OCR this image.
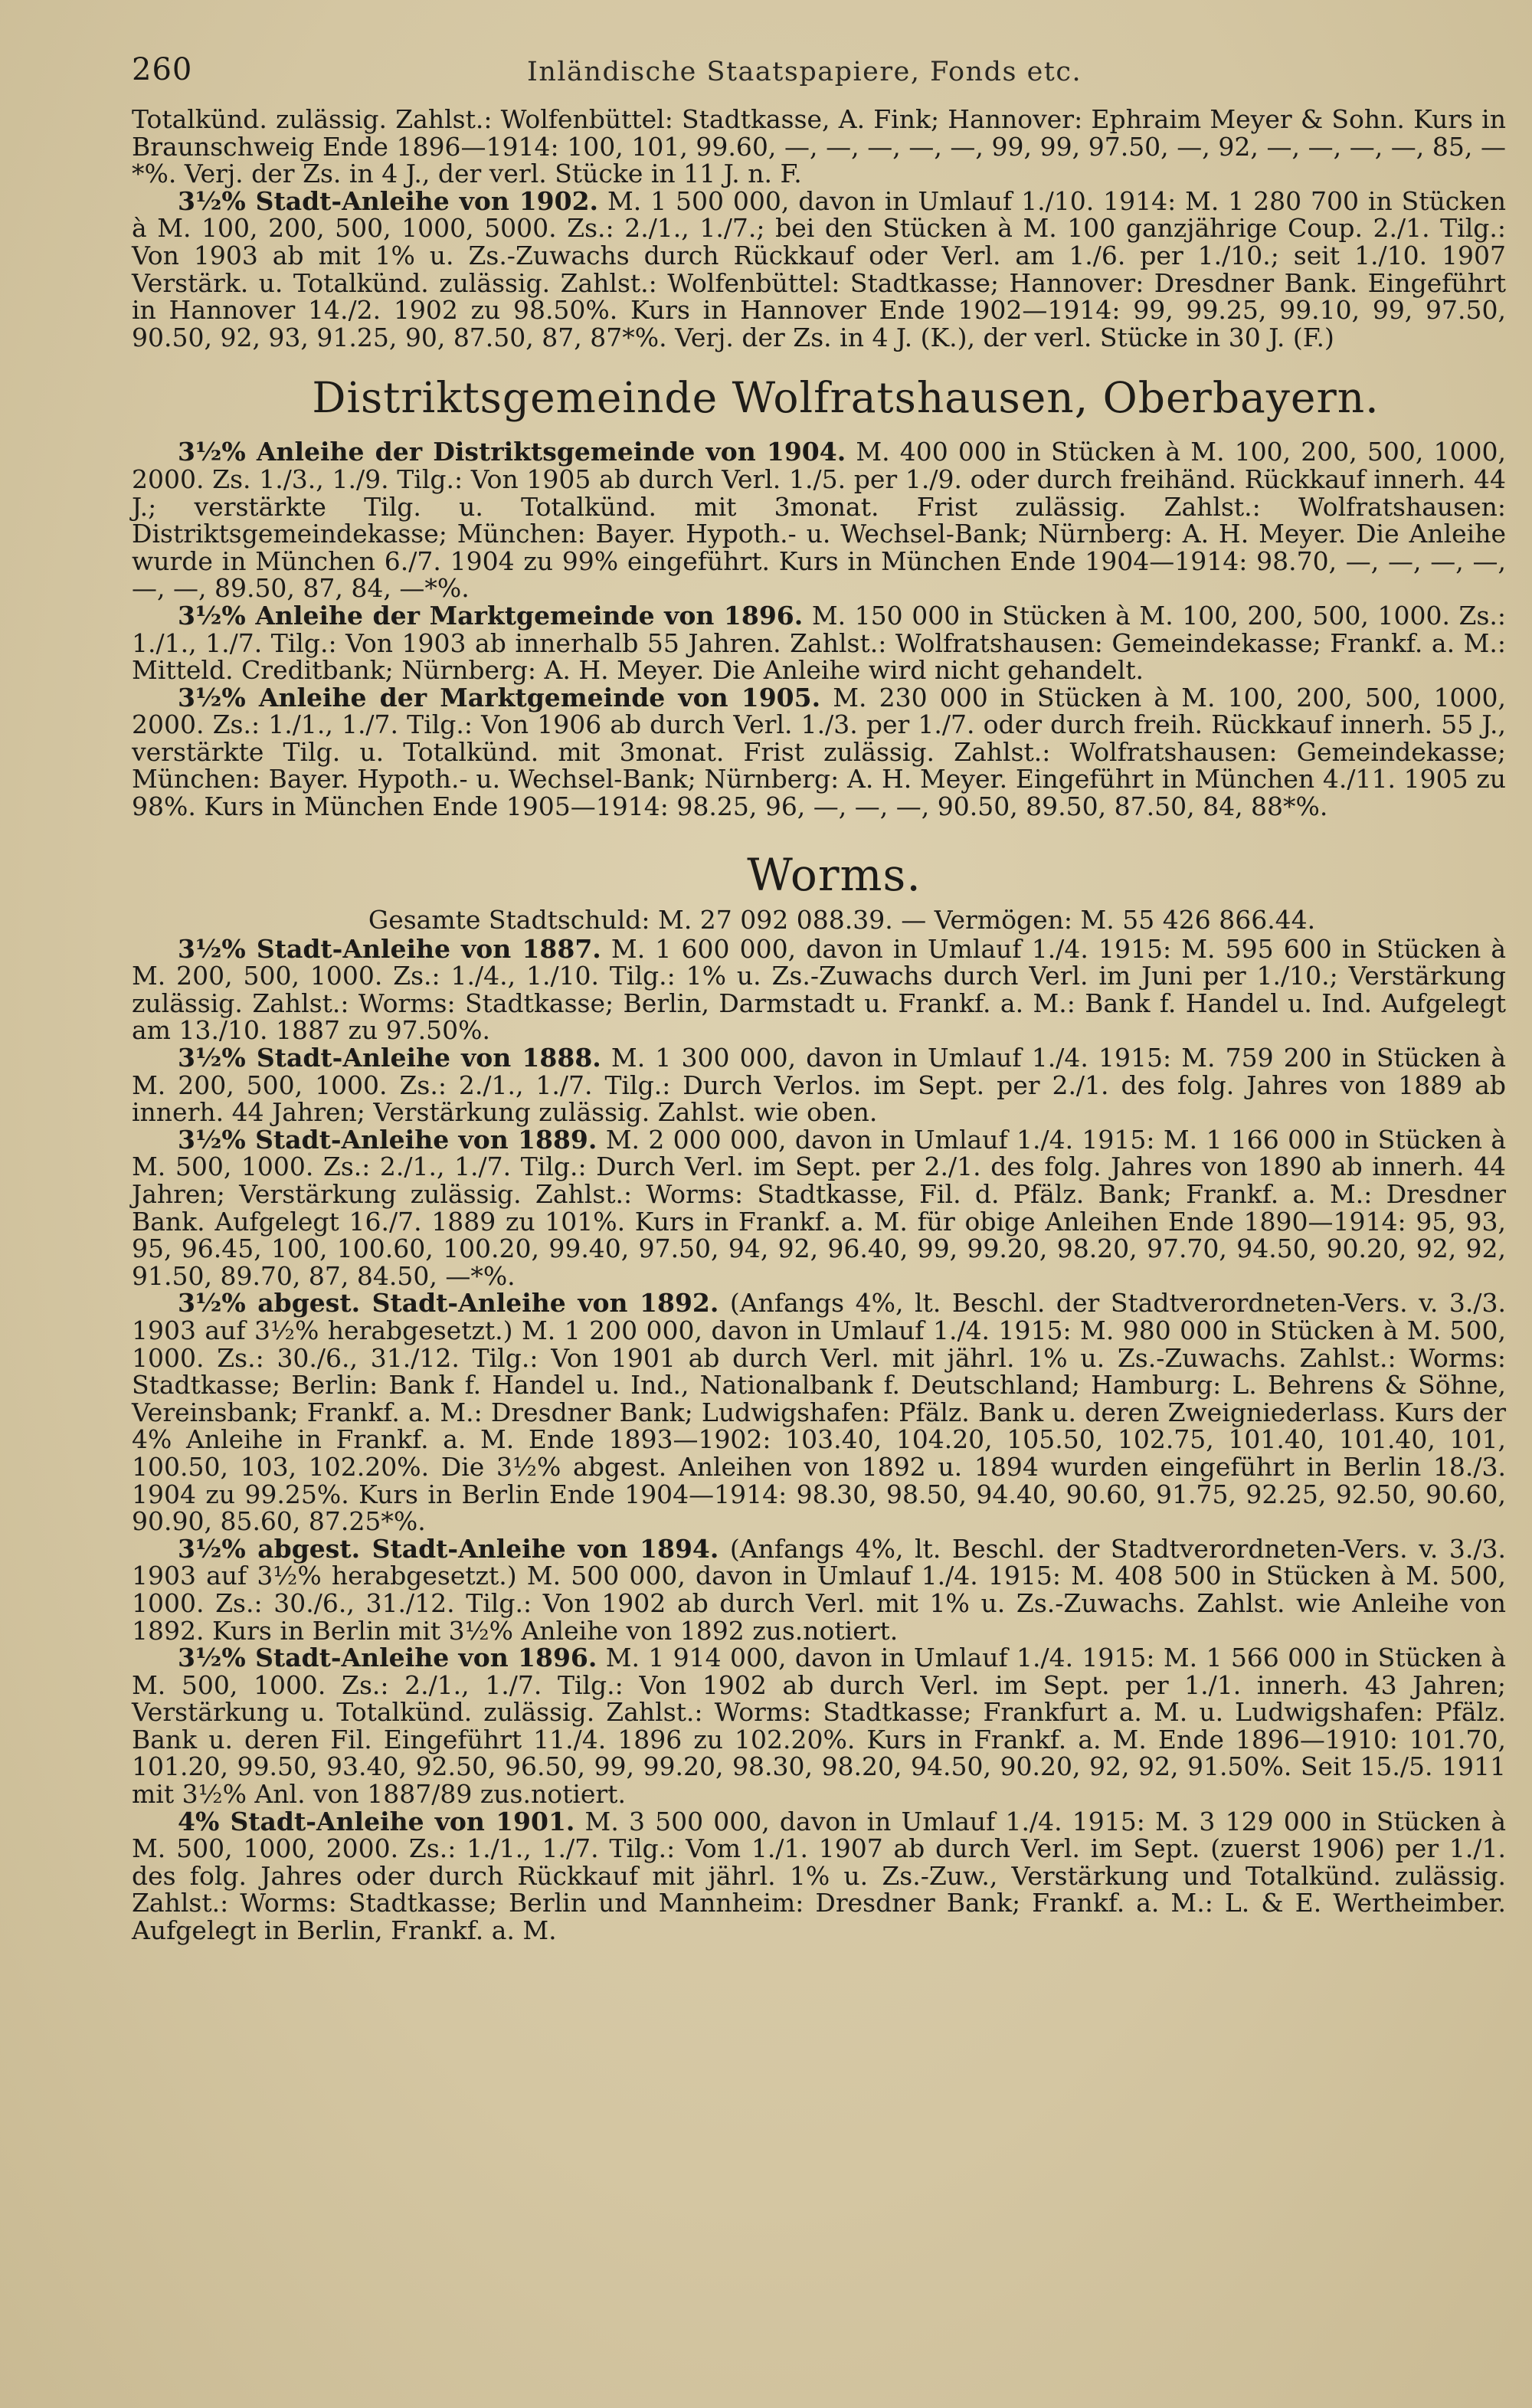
260	Inländische Staatspapiere, Fonds etc.

Totalkünd. zulässig. Zahlst.: Wolfenbüttel: Stadtkasse, A. Fink; Hannover: Ephraim Meyer & Sohn. Kurs in Braunschweig Ende 1896—1914: 100, 101, 99.60, —, —, —, —, —, 99, 99, 97.50, —, 92, —, —, —, —, 85, —*%. Verj. der Zs. in 4 J., der verl. Stücke in 11 J. n. F.

3½% Stadt-Anleihe von 1902. M. 1 500 000, davon in Umlauf 1./10. 1914: M. 1 280 700 in Stücken à M. 100, 200, 500, 1000, 5000. Zs.: 2./1., 1./7.; bei den Stücken à M. 100 ganzjährige Coup. 2./1. Tilg.: Von 1903 ab mit 1% u. Zs.-Zuwachs durch Rückkauf oder Verl. am 1./6. per 1./10.; seit 1./10. 1907 Verstärk. u. Totalkünd. zulässig. Zahlst.: Wolfenbüttel: Stadtkasse; Hannover: Dresdner Bank. Eingeführt in Hannover 14./2. 1902 zu 98.50%. Kurs in Hannover Ende 1902—1914: 99, 99.25, 99.10, 99, 97.50, 90.50, 92, 93, 91.25, 90, 87.50, 87, 87*%. Verj. der Zs. in 4 J. (K.), der verl. Stücke in 30 J. (F.)

Distriktsgemeinde Wolfratshausen, Oberbayern.

3½% Anleihe der Distriktsgemeinde von 1904. M. 400 000 in Stücken à M. 100, 200, 500, 1000, 2000. Zs. 1./3., 1./9. Tilg.: Von 1905 ab durch Verl. 1./5. per 1./9. oder durch freihänd. Rückkauf innerh. 44 J.; verstärkte Tilg. u. Totalkünd. mit 3monat. Frist zulässig. Zahlst.: Wolfratshausen: Distriktsgemeindekasse; München: Bayer. Hypoth.- u. Wechsel-Bank; Nürnberg: A. H. Meyer. Die Anleihe wurde in München 6./7. 1904 zu 99% eingeführt. Kurs in München Ende 1904—1914: 98.70, —, —, —, —, —, —, 89.50, 87, 84, —*%.

3½% Anleihe der Marktgemeinde von 1896. M. 150 000 in Stücken à M. 100, 200, 500, 1000. Zs.: 1./1., 1./7. Tilg.: Von 1903 ab innerhalb 55 Jahren. Zahlst.: Wolfratshausen: Gemeindekasse; Frankf. a. M.: Mitteld. Creditbank; Nürnberg: A. H. Meyer. Die Anleihe wird nicht gehandelt.

3½% Anleihe der Marktgemeinde von 1905. M. 230 000 in Stücken à M. 100, 200, 500, 1000, 2000. Zs.: 1./1., 1./7. Tilg.: Von 1906 ab durch Verl. 1./3. per 1./7. oder durch freih. Rückkauf innerh. 55 J., verstärkte Tilg. u. Totalkünd. mit 3monat. Frist zulässig. Zahlst.: Wolfratshausen: Gemeindekasse; München: Bayer. Hypoth.- u. Wechsel-Bank; Nürnberg: A. H. Meyer. Eingeführt in München 4./11. 1905 zu 98%. Kurs in München Ende 1905—1914: 98.25, 96, —, —, —, 90.50, 89.50, 87.50, 84, 88*%.

Worms.
Gesamte Stadtschuld: M. 27 092 088.39. — Vermögen: M. 55 426 866.44.

3½% Stadt-Anleihe von 1887. M. 1 600 000, davon in Umlauf 1./4. 1915: M. 595 600 in Stücken à M. 200, 500, 1000. Zs.: 1./4., 1./10. Tilg.: 1% u. Zs.-Zuwachs durch Verl. im Juni per 1./10.; Verstärkung zulässig. Zahlst.: Worms: Stadtkasse; Berlin, Darmstadt u. Frankf. a. M.: Bank f. Handel u. Ind. Aufgelegt am 13./10. 1887 zu 97.50%.

3½% Stadt-Anleihe von 1888. M. 1 300 000, davon in Umlauf 1./4. 1915: M. 759 200 in Stücken à M. 200, 500, 1000. Zs.: 2./1., 1./7. Tilg.: Durch Verlos. im Sept. per 2./1. des folg. Jahres von 1889 ab innerh. 44 Jahren; Verstärkung zulässig. Zahlst. wie oben.

3½% Stadt-Anleihe von 1889. M. 2 000 000, davon in Umlauf 1./4. 1915: M. 1 166 000 in Stücken à M. 500, 1000. Zs.: 2./1., 1./7. Tilg.: Durch Verl. im Sept. per 2./1. des folg. Jahres von 1890 ab innerh. 44 Jahren; Verstärkung zulässig. Zahlst.: Worms: Stadtkasse, Fil. d. Pfälz. Bank; Frankf. a. M.: Dresdner Bank. Aufgelegt 16./7. 1889 zu 101%. Kurs in Frankf. a. M. für obige Anleihen Ende 1890—1914: 95, 93, 95, 96.45, 100, 100.60, 100.20, 99.40, 97.50, 94, 92, 96.40, 99, 99.20, 98.20, 97.70, 94.50, 90.20, 92, 92, 91.50, 89.70, 87, 84.50, —*%.

3½% abgest. Stadt-Anleihe von 1892. (Anfangs 4%, lt. Beschl. der Stadtverordneten-Vers. v. 3./3. 1903 auf 3½% herabgesetzt.) M. 1 200 000, davon in Umlauf 1./4. 1915: M. 980 000 in Stücken à M. 500, 1000. Zs.: 30./6., 31./12. Tilg.: Von 1901 ab durch Verl. mit jährl. 1% u. Zs.-Zuwachs. Zahlst.: Worms: Stadtkasse; Berlin: Bank f. Handel u. Ind., Nationalbank f. Deutschland; Hamburg: L. Behrens & Söhne, Vereinsbank; Frankf. a. M.: Dresdner Bank; Ludwigshafen: Pfälz. Bank u. deren Zweigniederlass. Kurs der 4% Anleihe in Frankf. a. M. Ende 1893—1902: 103.40, 104.20, 105.50, 102.75, 101.40, 101.40, 101, 100.50, 103, 102.20%. Die 3½% abgest. Anleihen von 1892 u. 1894 wurden eingeführt in Berlin 18./3. 1904 zu 99.25%. Kurs in Berlin Ende 1904—1914: 98.30, 98.50, 94.40, 90.60, 91.75, 92.25, 92.50, 90.60, 90.90, 85.60, 87.25*%.

3½% abgest. Stadt-Anleihe von 1894. (Anfangs 4%, lt. Beschl. der Stadtverordneten-Vers. v. 3./3. 1903 auf 3½% herabgesetzt.) M. 500 000, davon in Umlauf 1./4. 1915: M. 408 500 in Stücken à M. 500, 1000. Zs.: 30./6., 31./12. Tilg.: Von 1902 ab durch Verl. mit 1% u. Zs.-Zuwachs. Zahlst. wie Anleihe von 1892. Kurs in Berlin mit 3½% Anleihe von 1892 zus.notiert.

3½% Stadt-Anleihe von 1896. M. 1 914 000, davon in Umlauf 1./4. 1915: M. 1 566 000 in Stücken à M. 500, 1000. Zs.: 2./1., 1./7. Tilg.: Von 1902 ab durch Verl. im Sept. per 1./1. innerh. 43 Jahren; Verstärkung u. Totalkünd. zulässig. Zahlst.: Worms: Stadtkasse; Frankfurt a. M. u. Ludwigshafen: Pfälz. Bank u. deren Fil. Eingeführt 11./4. 1896 zu 102.20%. Kurs in Frankf. a. M. Ende 1896—1910: 101.70, 101.20, 99.50, 93.40, 92.50, 96.50, 99, 99.20, 98.30, 98.20, 94.50, 90.20, 92, 92, 91.50%. Seit 15./5. 1911 mit 3½% Anl. von 1887/89 zus.notiert.

4% Stadt-Anleihe von 1901. M. 3 500 000, davon in Umlauf 1./4. 1915: M. 3 129 000 in Stücken à M. 500, 1000, 2000. Zs.: 1./1., 1./7. Tilg.: Vom 1./1. 1907 ab durch Verl. im Sept. (zuerst 1906) per 1./1. des folg. Jahres oder durch Rückkauf mit jährl. 1% u. Zs.-Zuw., Verstärkung und Totalkünd. zulässig. Zahlst.: Worms: Stadtkasse; Berlin und Mannheim: Dresdner Bank; Frankf. a. M.: L. & E. Wertheimber. Aufgelegt in Berlin, Frankf. a. M.
